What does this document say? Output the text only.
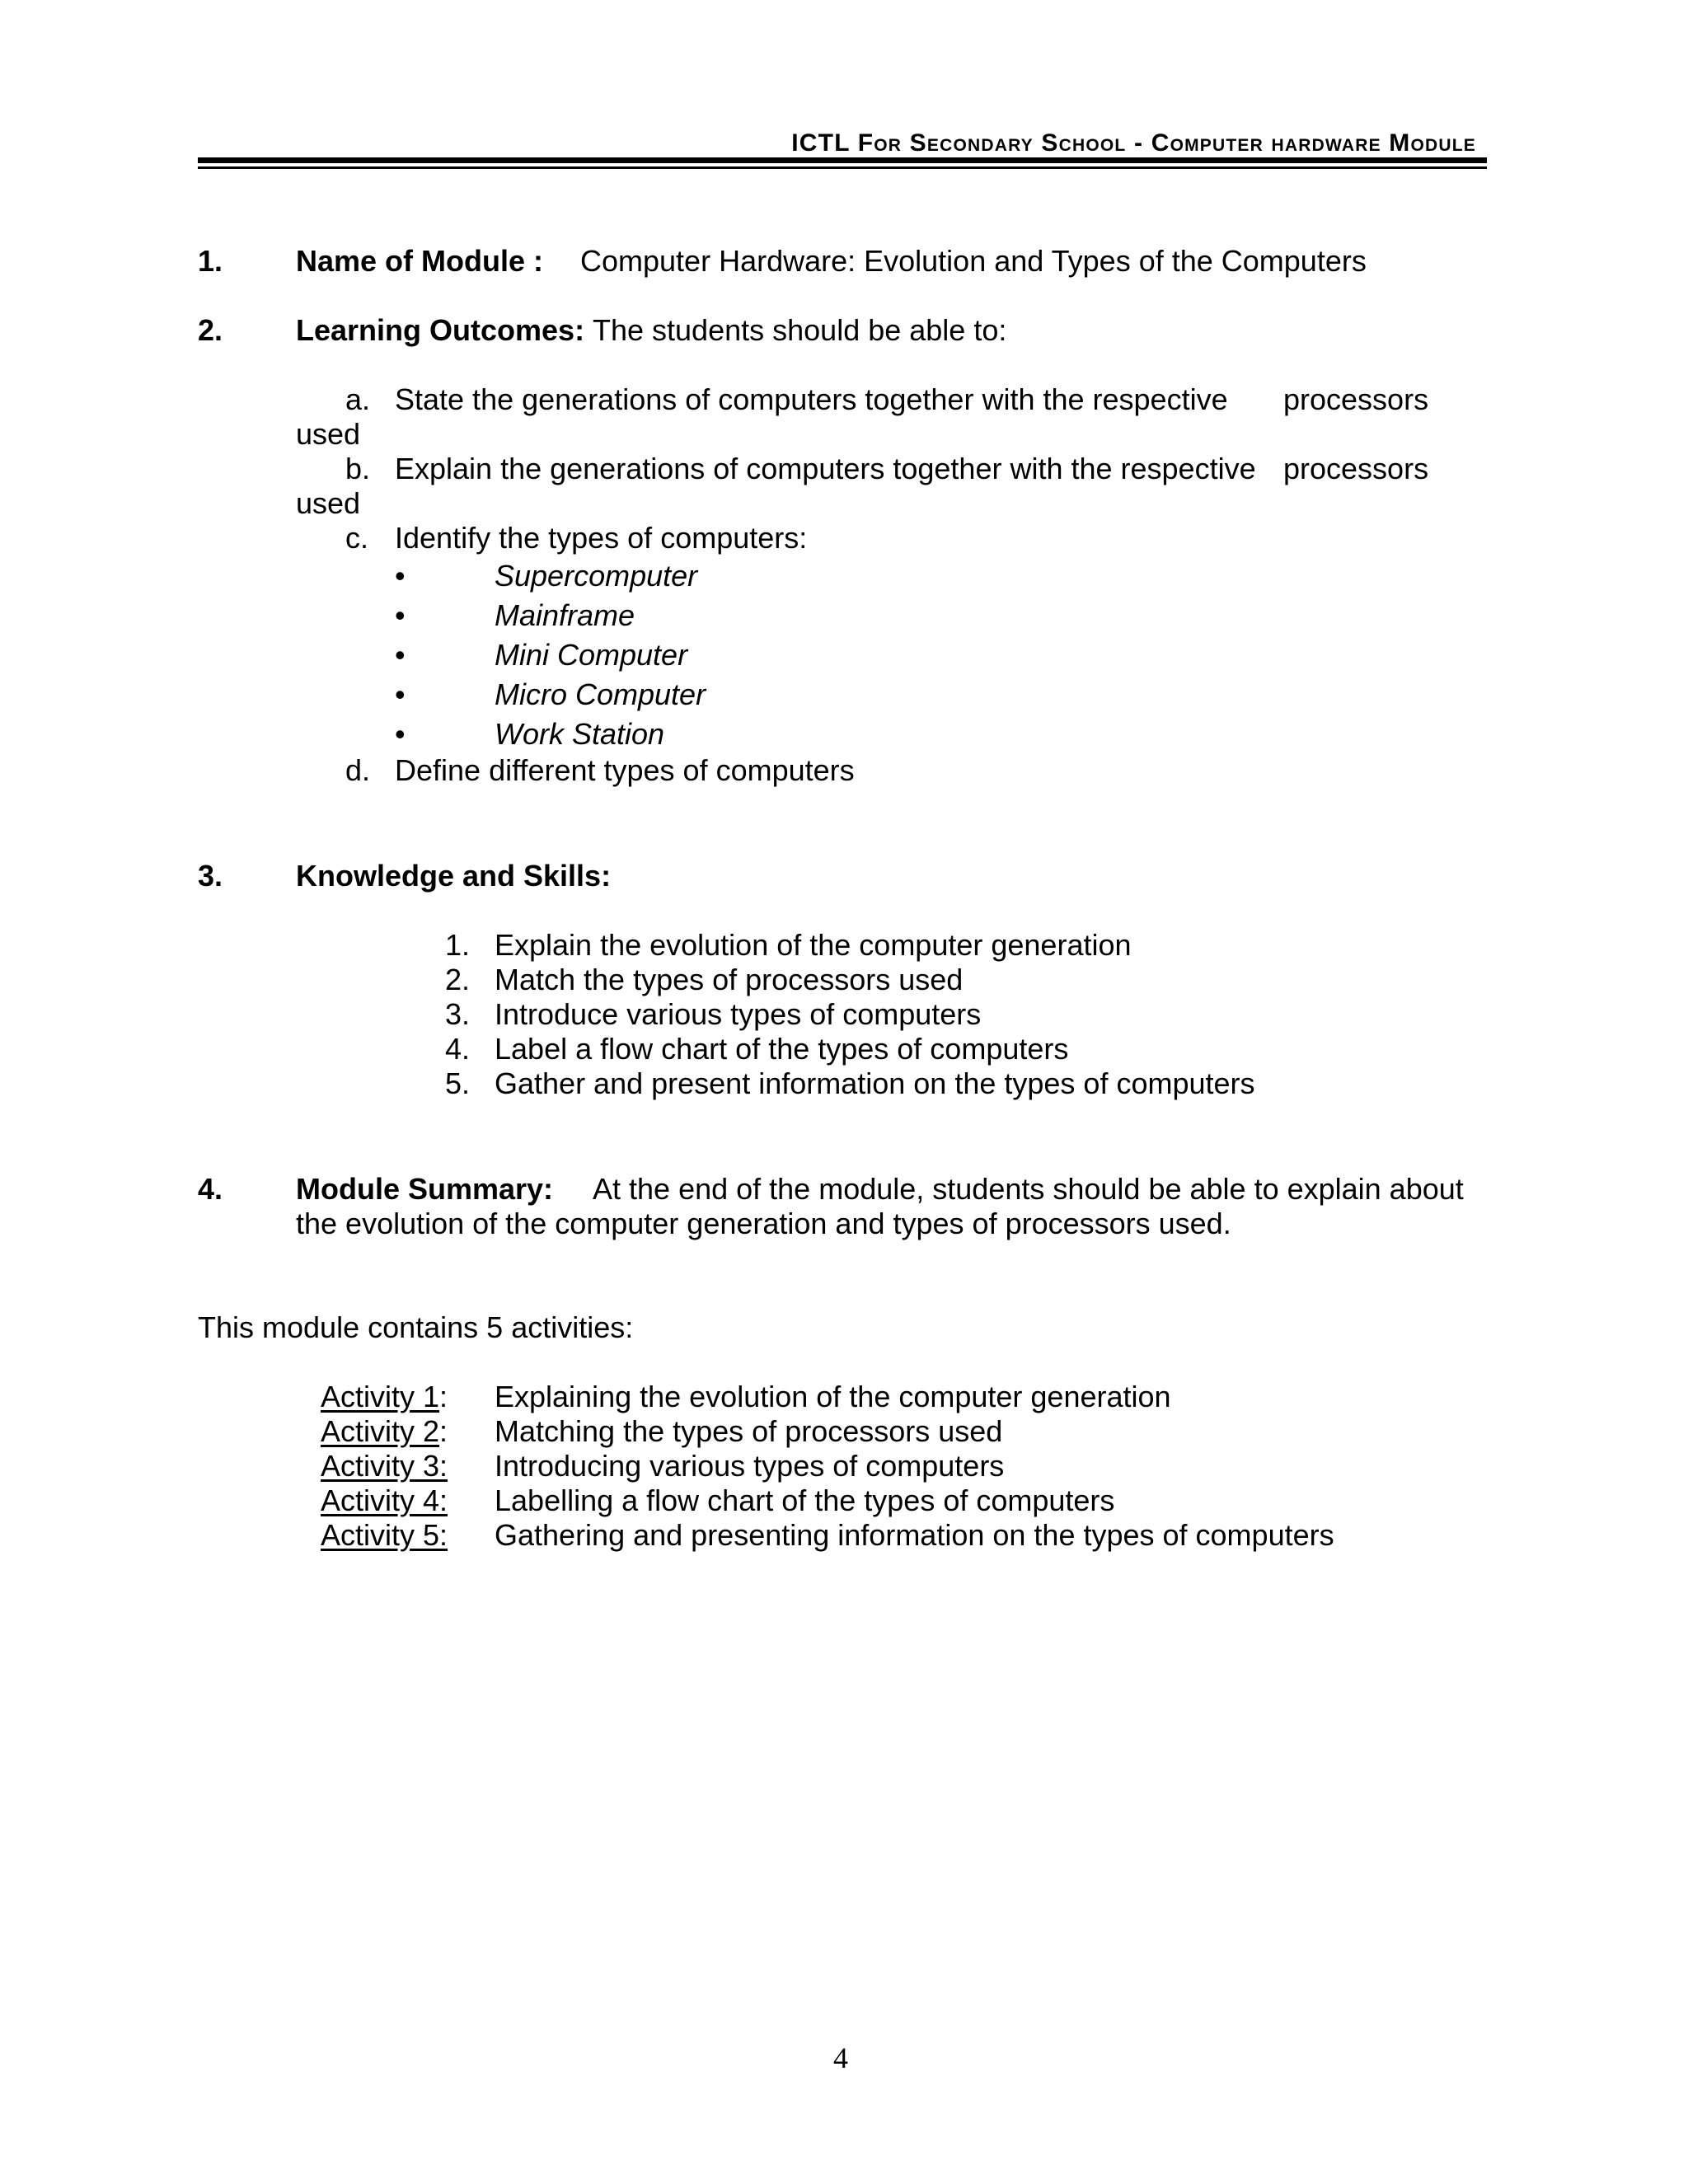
ICTL For Secondary School - Computer hardware Module
1. Name of Module : Computer Hardware: Evolution and Types of the Computers
2. Learning Outcomes: The students should be able to:
a. State the generations of computers together with the respective processors
used
b. Explain the generations of computers together with the respective processors
used
c. Identify the types of computers:
•	Supercomputer
•	Mainframe
•	Mini Computer
•	Micro Computer
•	Work Station
d. Define different types of computers
3. Knowledge and Skills:
1. Explain the evolution of the computer generation
2. Match the types of processors used
3. Introduce various types of computers
4. Label a flow chart of the types of computers
5. Gather and present information on the types of computers
4. Module Summary: At the end of the module, students should be able to explain about
the evolution of the computer generation and types of processors used.
This module contains 5 activities:
Activity 1: Explaining the evolution of the computer generation
Activity 2: Matching the types of processors used
Activity 3: Introducing various types of computers
Activity 4: Labelling a flow chart of the types of computers
Activity 5: Gathering and presenting information on the types of computers
4
